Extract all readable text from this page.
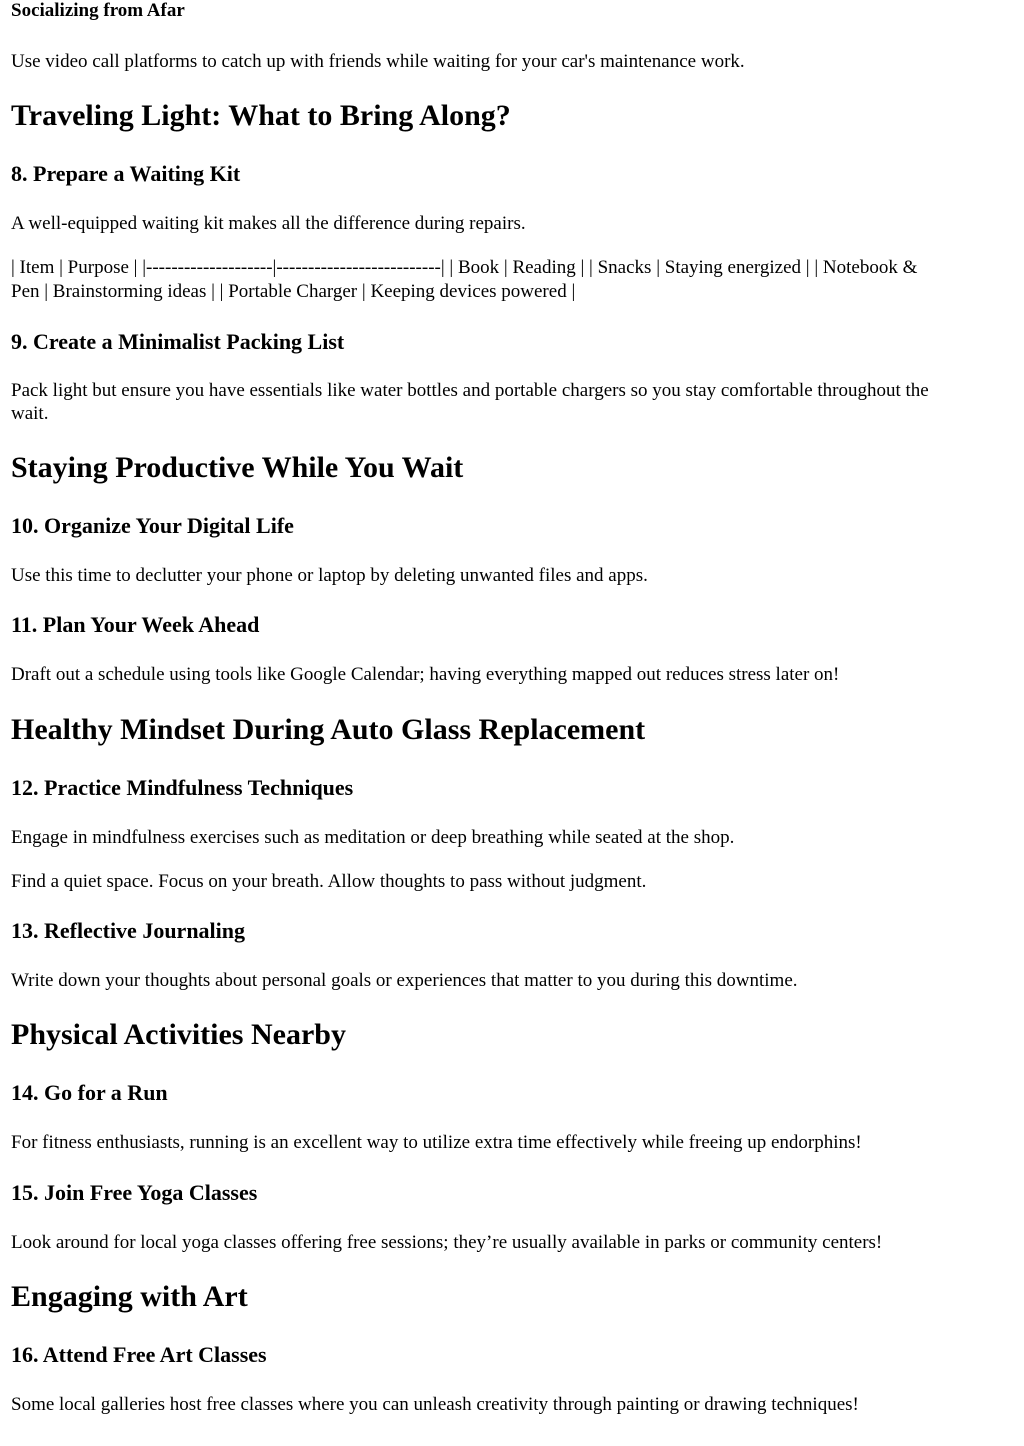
Socializing from Afar

Use video call platforms to catch up with friends while waiting for your car's maintenance work.

Traveling Light: What to Bring Along?
8. Prepare a Waiting Kit

A well-equipped waiting kit makes all the difference during repairs.

| Item | Purpose | |--------------------|--------------------------| | Book | Reading | | Snacks | Staying energized | | Notebook &

Pen | Brainstorming ideas | | Portable Charger | Keeping devices powered |

9. Create a Minimalist Packing List

Pack light but ensure you have essentials like water bottles and portable chargers so you stay comfortable throughout the

wait.

Staying Productive While You Wait
10. Organize Your Digital Life

Use this time to declutter your phone or laptop by deleting unwanted files and apps.

11. Plan Your Week Ahead

Draft out a schedule using tools like Google Calendar; having everything mapped out reduces stress later on!

Healthy Mindset During Auto Glass Replacement
12. Practice Mindfulness Techniques

Engage in mindfulness exercises such as meditation or deep breathing while seated at the shop.

Find a quiet space. Focus on your breath. Allow thoughts to pass without judgment.

13. Reflective Journaling

Write down your thoughts about personal goals or experiences that matter to you during this downtime.

Physical Activities Nearby
14. Go for a Run

For fitness enthusiasts, running is an excellent way to utilize extra time effectively while freeing up endorphins!

15. Join Free Yoga Classes

Look around for local yoga classes offering free sessions; they’re usually available in parks or community centers!

Engaging with Art
16. Attend Free Art Classes

Some local galleries host free classes where you can unleash creativity through painting or drawing techniques!
